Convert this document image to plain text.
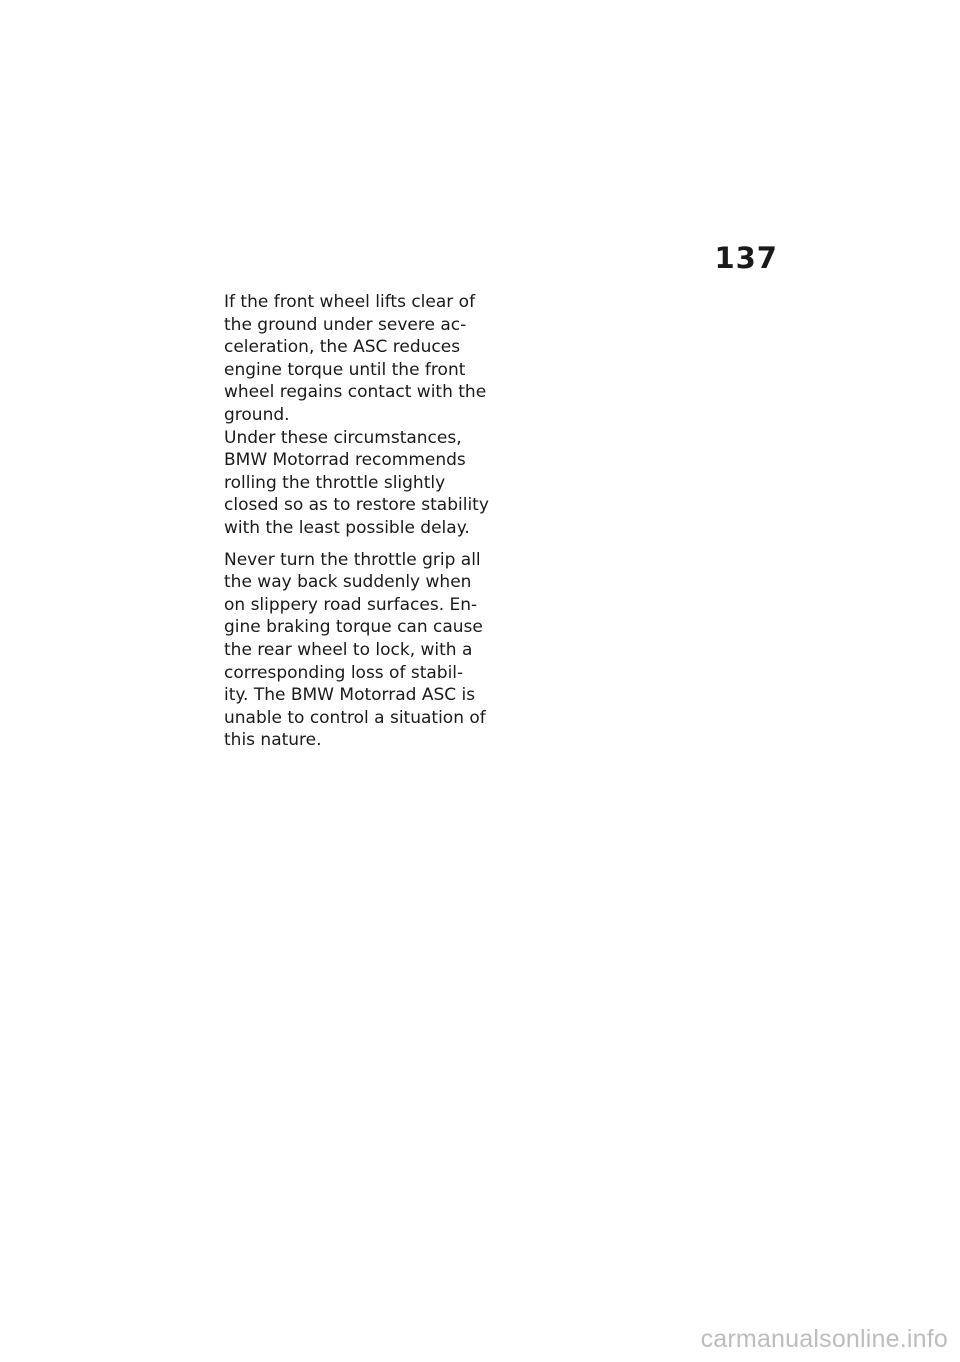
137

If the front wheel lifts clear of
the ground under severe ac-
celeration, the ASC reduces
engine torque until the front
wheel regains contact with the
ground.

Under these circumstances,
BMW Motorrad recommends
rolling the throttle slightly
closed so as to restore stability
with the least possible delay.

Never turn the throttle grip all
the way back suddenly when
on slippery road surfaces. En-
gine braking torque can cause
the rear wheel to lock, with a
corresponding loss of stabil-
ity. The BMW Motorrad ASC is
unable to control a situation of
this nature.

carmanualsonline.info
